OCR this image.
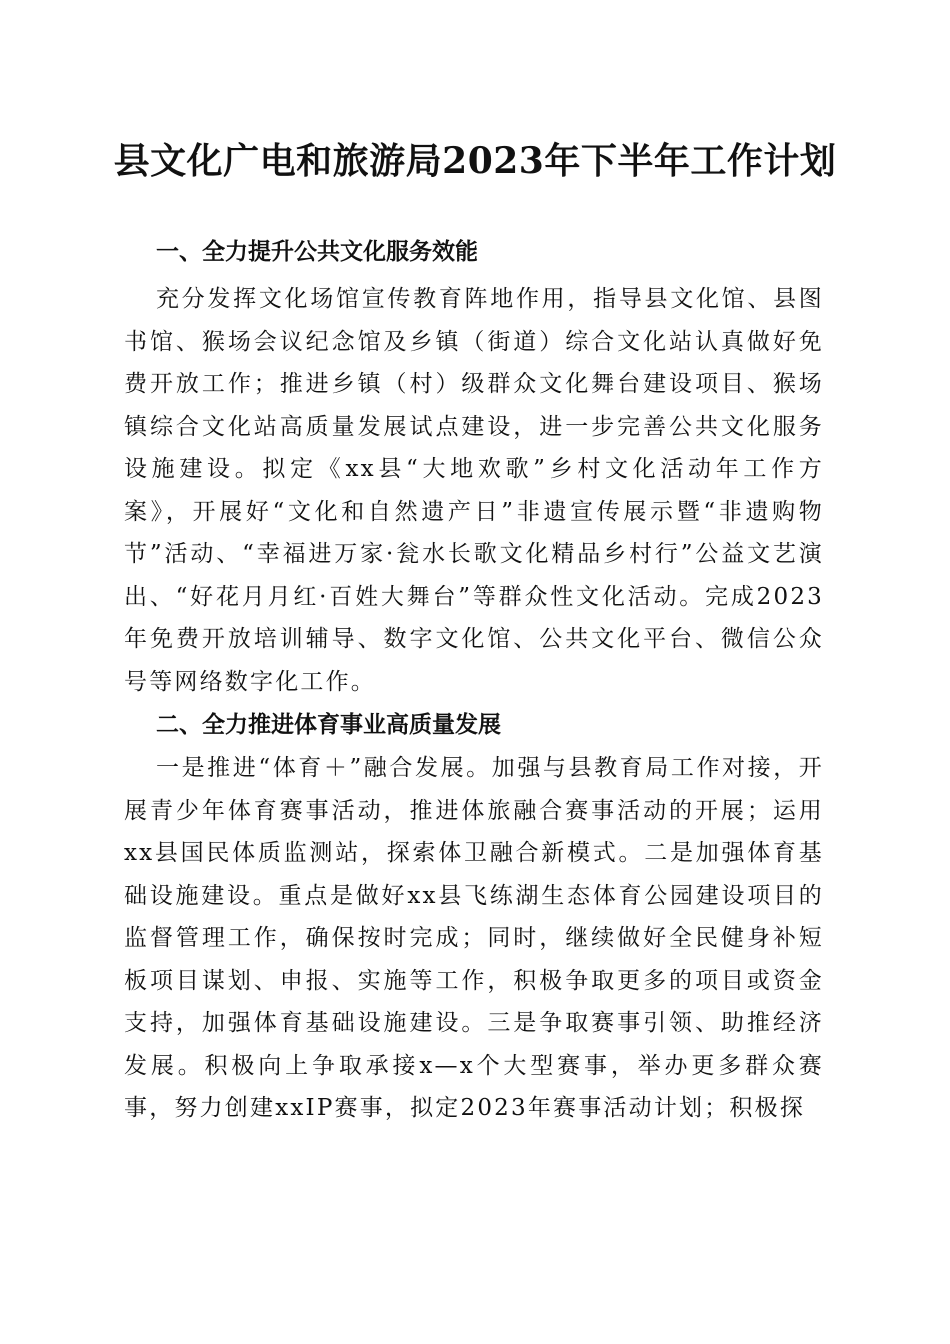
县文化广电和旅游局2023年下半年工作计划
一、全力提升公共文化服务效能

充分发挥文化场馆宣传教育阵地作用，指导县文化馆、县图书馆、猴场会议纪念馆及乡镇（街道）综合文化站认真做好免费开放工作；推进乡镇（村）级群众文化舞台建设项目、猴场镇综合文化站高质量发展试点建设，进一步完善公共文化服务设施建设。拟定《xx县“大地欢歌”乡村文化活动年工作方案》，开展好“文化和自然遗产日”非遗宣传展示暨“非遗购物节”活动、“幸福进万家·瓮水长歌文化精品乡村行”公益文艺演出、“好花月月红·百姓大舞台”等群众性文化活动。完成2023年免费开放培训辅导、数字文化馆、公共文化平台、微信公众号等网络数字化工作。

二、全力推进体育事业高质量发展

一是推进“体育＋”融合发展。加强与县教育局工作对接，开展青少年体育赛事活动，推进体旅融合赛事活动的开展；运用xx县国民体质监测站，探索体卫融合新模式。二是加强体育基础设施建设。重点是做好xx县飞练湖生态体育公园建设项目的监督管理工作，确保按时完成；同时，继续做好全民健身补短板项目谋划、申报、实施等工作，积极争取更多的项目或资金支持，加强体育基础设施建设。三是争取赛事引领、助推经济发展。积极向上争取承接x—x个大型赛事，举办更多群众赛事，努力创建xxIP赛事，拟定2023年赛事活动计划；积极探
